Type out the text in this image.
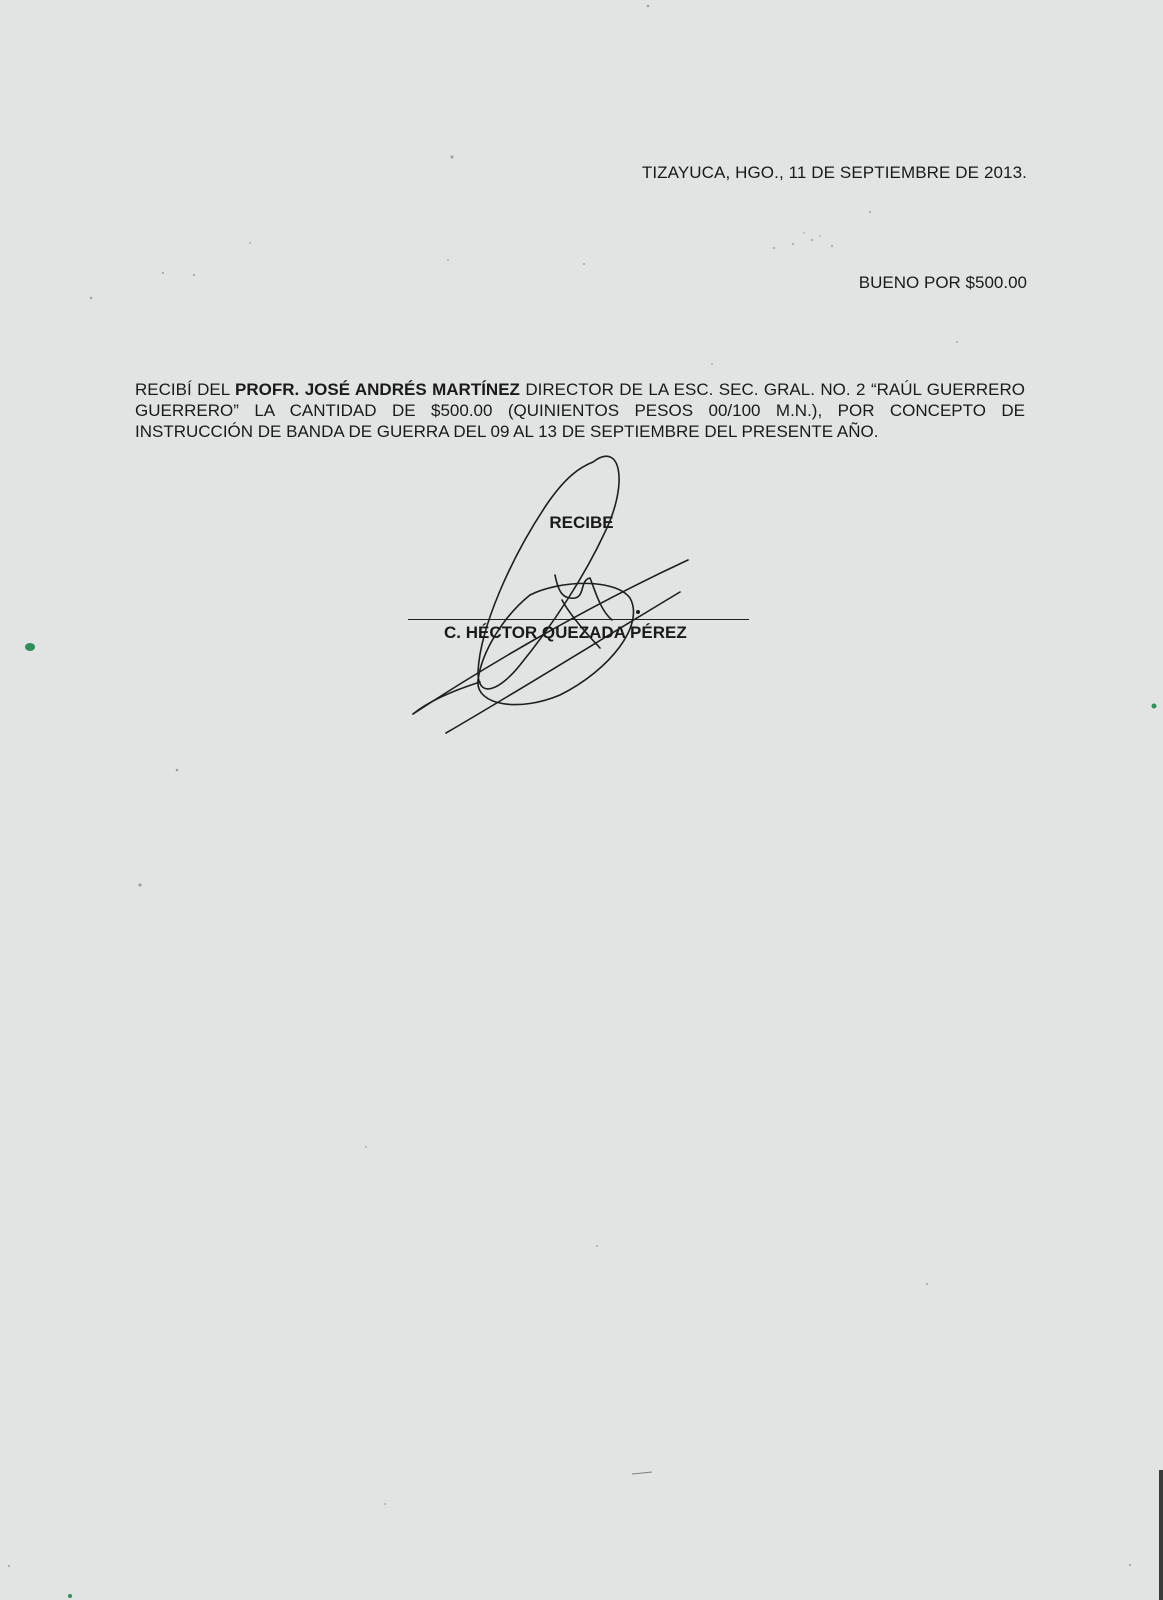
TIZAYUCA, HGO., 11 DE SEPTIEMBRE DE 2013.
BUENO POR $500.00
RECIBÍ DEL PROFR. JOSÉ ANDRÉS MARTÍNEZ DIRECTOR DE LA ESC. SEC. GRAL. NO. 2 “RAÚL GUERRERO GUERRERO” LA CANTIDAD DE $500.00 (QUINIENTOS PESOS 00/100 M.N.), POR CONCEPTO DE INSTRUCCIÓN DE BANDA DE GUERRA DEL 09 AL 13 DE SEPTIEMBRE DEL PRESENTE AÑO.
RECIBE
C. HÉCTOR QUEZADA PÉREZ
